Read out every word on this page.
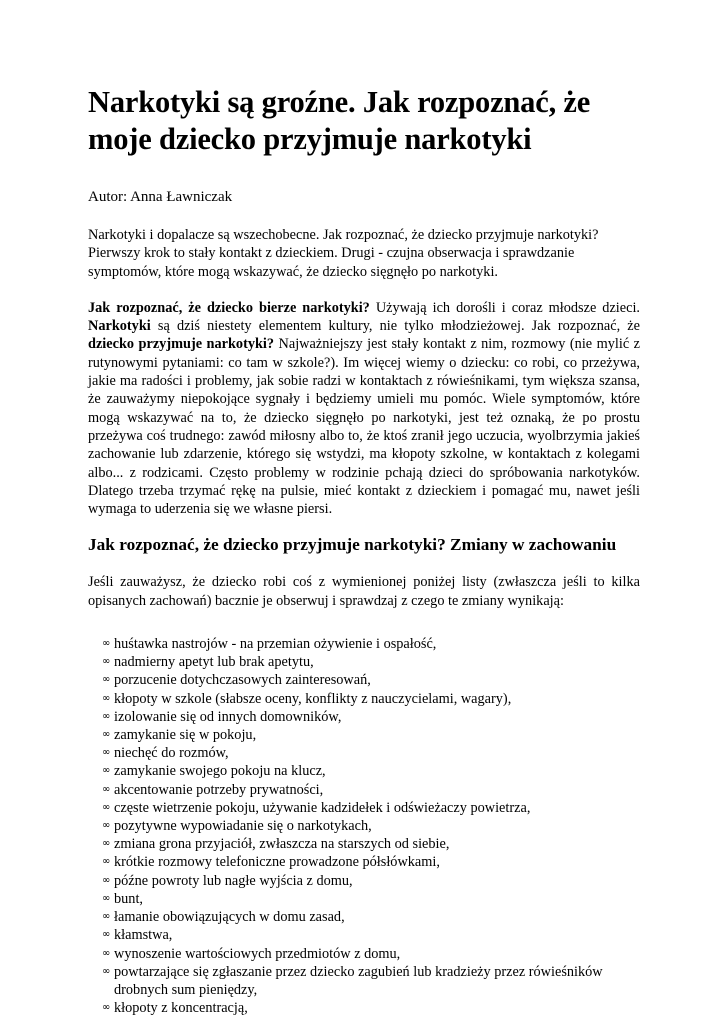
Narkotyki są groźne. Jak rozpoznać, że moje dziecko przyjmuje narkotyki

Autor: Anna Ławniczak

Narkotyki i dopalacze są wszechobecne. Jak rozpoznać, że dziecko przyjmuje narkotyki? Pierwszy krok to stały kontakt z dzieckiem. Drugi - czujna obserwacja i sprawdzanie symptomów, które mogą wskazywać, że dziecko sięgnęło po narkotyki.

Jak rozpoznać, że dziecko bierze narkotyki? Używają ich dorośli i coraz młodsze dzieci. Narkotyki są dziś niestety elementem kultury, nie tylko młodzieżowej. Jak rozpoznać, że dziecko przyjmuje narkotyki? Najważniejszy jest stały kontakt z nim, rozmowy (nie mylić z rutynowymi pytaniami: co tam w szkole?). Im więcej wiemy o dziecku: co robi, co przeżywa, jakie ma radości i problemy, jak sobie radzi w kontaktach z rówieśnikami, tym większa szansa, że zauważymy niepokojące sygnały i będziemy umieli mu pomóc. Wiele symptomów, które mogą wskazywać na to, że dziecko sięgnęło po narkotyki, jest też oznaką, że po prostu przeżywa coś trudnego: zawód miłosny albo to, że ktoś zranił jego uczucia, wyolbrzymia jakieś zachowanie lub zdarzenie, którego się wstydzi, ma kłopoty szkolne, w kontaktach z kolegami albo... z rodzicami. Często problemy w rodzinie pchają dzieci do spróbowania narkotyków. Dlatego trzeba trzymać rękę na pulsie, mieć kontakt z dzieckiem i pomagać mu, nawet jeśli wymaga to uderzenia się we własne piersi.

Jak rozpoznać, że dziecko przyjmuje narkotyki? Zmiany w zachowaniu

Jeśli zauważysz, że dziecko robi coś z wymienionej poniżej listy (zwłaszcza jeśli to kilka opisanych zachowań) bacznie je obserwuj i sprawdzaj z czego te zmiany wynikają:

∞ huśtawka nastrojów - na przemian ożywienie i ospałość,
∞ nadmierny apetyt lub brak apetytu,
∞ porzucenie dotychczasowych zainteresowań,
∞ kłopoty w szkole (słabsze oceny, konflikty z nauczycielami, wagary),
∞ izolowanie się od innych domowników,
∞ zamykanie się w pokoju,
∞ niechęć do rozmów,
∞ zamykanie swojego pokoju na klucz,
∞ akcentowanie potrzeby prywatności,
∞ częste wietrzenie pokoju, używanie kadzidełek i odświeżaczy powietrza,
∞ pozytywne wypowiadanie się o narkotykach,
∞ zmiana grona przyjaciół, zwłaszcza na starszych od siebie,
∞ krótkie rozmowy telefoniczne prowadzone półsłówkami,
∞ późne powroty lub nagłe wyjścia z domu,
∞ bunt,
∞ łamanie obowiązujących w domu zasad,
∞ kłamstwa,
∞ wynoszenie wartościowych przedmiotów z domu,
∞ powtarzające się zgłaszanie przez dziecko zagubień lub kradzieży przez rówieśników drobnych sum pieniędzy,
∞ kłopoty z koncentracją,
